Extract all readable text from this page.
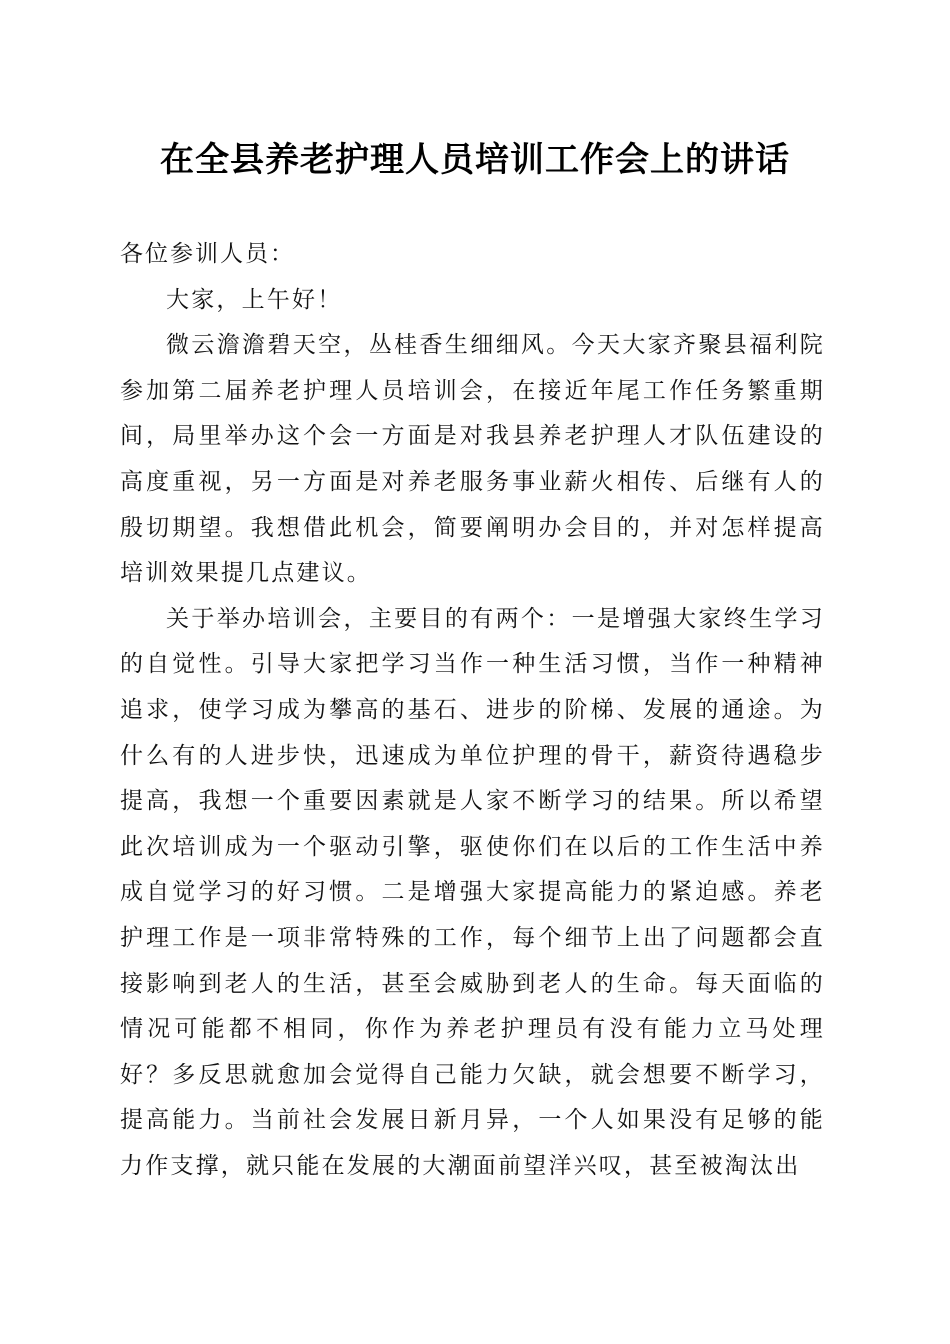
在全县养老护理人员培训工作会上的讲话

各位参训人员：

大家，上午好！

微云澹澹碧天空，丛桂香生细细风。今天大家齐聚县福利院参加第二届养老护理人员培训会，在接近年尾工作任务繁重期间，局里举办这个会一方面是对我县养老护理人才队伍建设的高度重视，另一方面是对养老服务事业薪火相传、后继有人的殷切期望。我想借此机会，简要阐明办会目的，并对怎样提高培训效果提几点建议。

关于举办培训会，主要目的有两个：一是增强大家终生学习的自觉性。引导大家把学习当作一种生活习惯，当作一种精神追求，使学习成为攀高的基石、进步的阶梯、发展的通途。为什么有的人进步快，迅速成为单位护理的骨干，薪资待遇稳步提高，我想一个重要因素就是人家不断学习的结果。所以希望此次培训成为一个驱动引擎，驱使你们在以后的工作生活中养成自觉学习的好习惯。二是增强大家提高能力的紧迫感。养老护理工作是一项非常特殊的工作，每个细节上出了问题都会直接影响到老人的生活，甚至会威胁到老人的生命。每天面临的情况可能都不相同，你作为养老护理员有没有能力立马处理好？多反思就愈加会觉得自己能力欠缺，就会想要不断学习，提高能力。当前社会发展日新月异，一个人如果没有足够的能力作支撑，就只能在发展的大潮面前望洋兴叹，甚至被淘汰出
